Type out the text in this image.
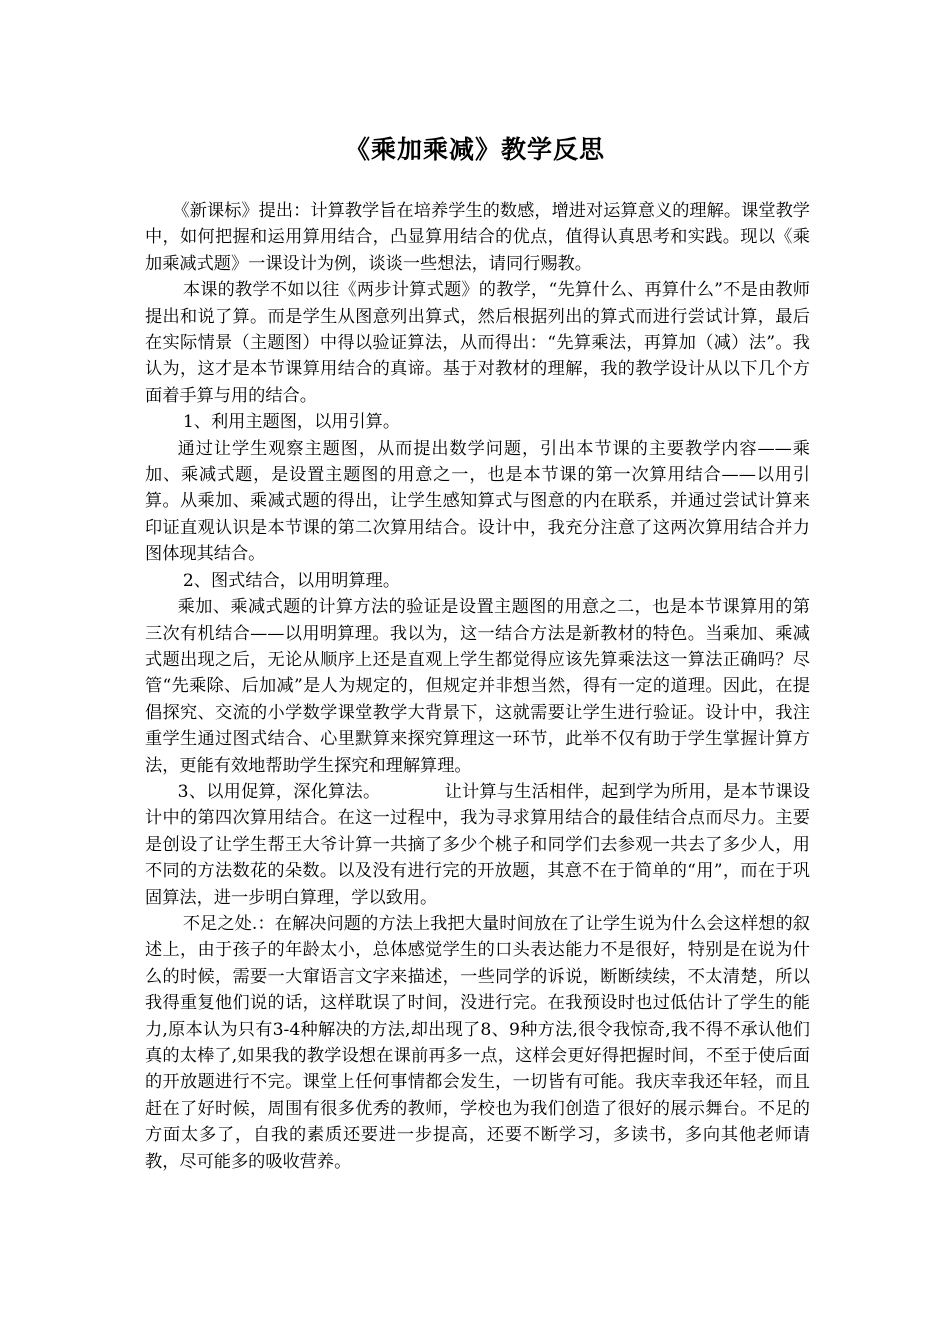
《乘加乘减》教学反思

《新课标》提出：计算教学旨在培养学生的数感，增进对运算意义的理解。课堂教学中，如何把握和运用算用结合，凸显算用结合的优点，值得认真思考和实践。现以《乘加乘减式题》一课设计为例，谈谈一些想法，请同行赐教。

本课的教学不如以往《两步计算式题》的教学，“先算什么、再算什么”不是由教师提出和说了算。而是学生从图意列出算式，然后根据列出的算式而进行尝试计算，最后在实际情景（主题图）中得以验证算法，从而得出：“先算乘法，再算加（减）法”。我认为，这才是本节课算用结合的真谛。基于对教材的理解，我的教学设计从以下几个方面着手算与用的结合。

1、利用主题图，以用引算。

通过让学生观察主题图，从而提出数学问题，引出本节课的主要教学内容——乘加、乘减式题，是设置主题图的用意之一，也是本节课的第一次算用结合——以用引算。从乘加、乘减式题的得出，让学生感知算式与图意的内在联系，并通过尝试计算来印证直观认识是本节课的第二次算用结合。设计中，我充分注意了这两次算用结合并力图体现其结合。

2、图式结合，以用明算理。

乘加、乘减式题的计算方法的验证是设置主题图的用意之二，也是本节课算用的第三次有机结合——以用明算理。我以为，这一结合方法是新教材的特色。当乘加、乘减式题出现之后，无论从顺序上还是直观上学生都觉得应该先算乘法这一算法正确吗？尽管“先乘除、后加减”是人为规定的，但规定并非想当然，得有一定的道理。因此，在提倡探究、交流的小学数学课堂教学大背景下，这就需要让学生进行验证。设计中，我注重学生通过图式结合、心里默算来探究算理这一环节，此举不仅有助于学生掌握计算方法，更能有效地帮助学生探究和理解算理。

3、以用促算，深化算法。	让计算与生活相伴，起到学为所用，是本节课设计中的第四次算用结合。在这一过程中，我为寻求算用结合的最佳结合点而尽力。主要是创设了让学生帮王大爷计算一共摘了多少个桃子和同学们去参观一共去了多少人，用不同的方法数花的朵数。以及没有进行完的开放题，其意不在于简单的“用”，而在于巩固算法，进一步明白算理，学以致用。

不足之处.：在解决问题的方法上我把大量时间放在了让学生说为什么会这样想的叙述上，由于孩子的年龄太小，总体感觉学生的口头表达能力不是很好，特别是在说为什么的时候，需要一大窜语言文字来描述，一些同学的诉说，断断续续，不太清楚，所以我得重复他们说的话，这样耽误了时间，没进行完。在我预设时也过低估计了学生的能力,原本认为只有3-4种解决的方法,却出现了8、9种方法,很令我惊奇,我不得不承认他们真的太棒了,如果我的教学设想在课前再多一点，这样会更好得把握时间，不至于使后面的开放题进行不完。课堂上任何事情都会发生，一切皆有可能。我庆幸我还年轻，而且赶在了好时候，周围有很多优秀的教师，学校也为我们创造了很好的展示舞台。不足的方面太多了，自我的素质还要进一步提高，还要不断学习，多读书，多向其他老师请教，尽可能多的吸收营养。
